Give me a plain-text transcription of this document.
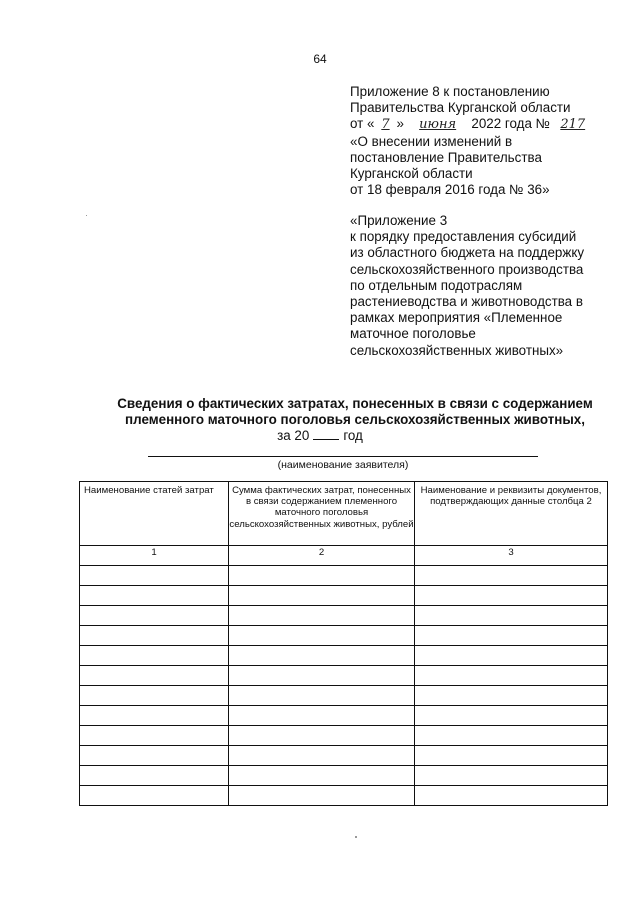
64
Приложение 8 к постановлению
Правительства Курганской области
от « 7 » июня 2022 года № 217
«О внесении изменений в
постановление Правительства
Курганской области
от 18 февраля 2016 года № 36»
«Приложение 3
к порядку предоставления субсидий
из областного бюджета на поддержку
сельскохозяйственного производства
по отдельным подотраслям
растениеводства и животноводства в
рамках мероприятия «Племенное
маточное поголовье
сельскохозяйственных животных»
Сведения о фактических затратах, понесенных в связи с содержанием
племенного маточного поголовья сельскохозяйственных животных,
за 20	год
(наименование заявителя)
Наименование статей затрат	Сумма фактических затрат, понесенных в связи содержанием племенного маточного поголовья сельскохозяйственных животных, рублей	Наименование и реквизиты документов, подтверждающих данные столбца 2
1	2	3
